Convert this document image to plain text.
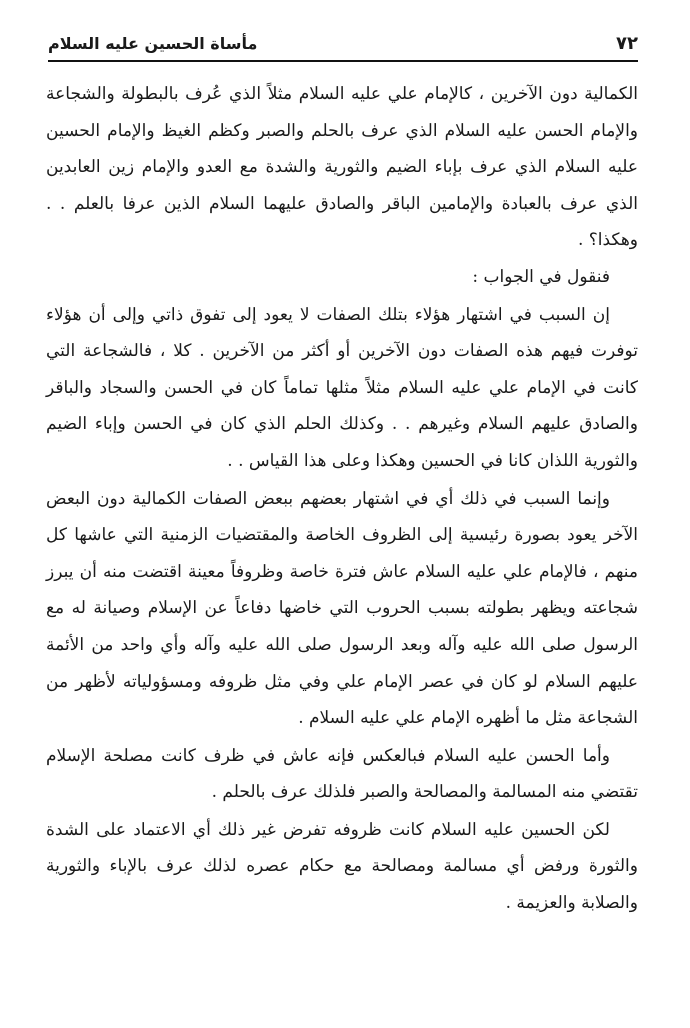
٧٢
مأساة الحسين عليه السلام

الكمالية دون الآخرين ، كالإمام علي عليه السلام مثلاً الذي عُرف بالبطولة والشجاعة والإمام الحسن عليه السلام الذي عرف بالحلم والصبر وكظم الغيظ والإمام الحسين عليه السلام الذي عرف بإباء الضيم والثورية والشدة مع العدو والإمام زين العابدين الذي عرف بالعبادة والإمامين الباقر والصادق عليهما السلام الذين عرفا بالعلم . . وهكذا؟ .

فنقول في الجواب :

إن السبب في اشتهار هؤلاء بتلك الصفات لا يعود إلى تفوق ذاتي وإلى أن هؤلاء توفرت فيهم هذه الصفات دون الآخرين أو أكثر من الآخرين . كلا ، فالشجاعة التي كانت في الإمام علي عليه السلام مثلاً مثلها تماماً كان في الحسن والسجاد والباقر والصادق عليهم السلام وغيرهم . . وكذلك الحلم الذي كان في الحسن وإباء الضيم والثورية اللذان كانا في الحسين وهكذا وعلى هذا القياس . .

وإنما السبب في ذلك أي في اشتهار بعضهم ببعض الصفات الكمالية دون البعض الآخر يعود بصورة رئيسية إلى الظروف الخاصة والمقتضيات الزمنية التي عاشها كل منهم ، فالإمام علي عليه السلام عاش فترة خاصة وظروفاً معينة اقتضت منه أن يبرز شجاعته ويظهر بطولته بسبب الحروب التي خاضها دفاعاً عن الإسلام وصيانة له مع الرسول صلى الله عليه وآله وبعد الرسول صلى الله عليه وآله وأي واحد من الأئمة عليهم السلام لو كان في عصر الإمام علي وفي مثل ظروفه ومسؤولياته لأظهر من الشجاعة مثل ما أظهره الإمام علي عليه السلام .

وأما الحسن عليه السلام فبالعكس فإنه عاش في ظرف كانت مصلحة الإسلام تقتضي منه المسالمة والمصالحة والصبر فلذلك عرف بالحلم .

لكن الحسين عليه السلام كانت ظروفه تفرض غير ذلك أي الاعتماد على الشدة والثورة ورفض أي مسالمة ومصالحة مع حكام عصره لذلك عرف بالإباء والثورية والصلابة والعزيمة .
